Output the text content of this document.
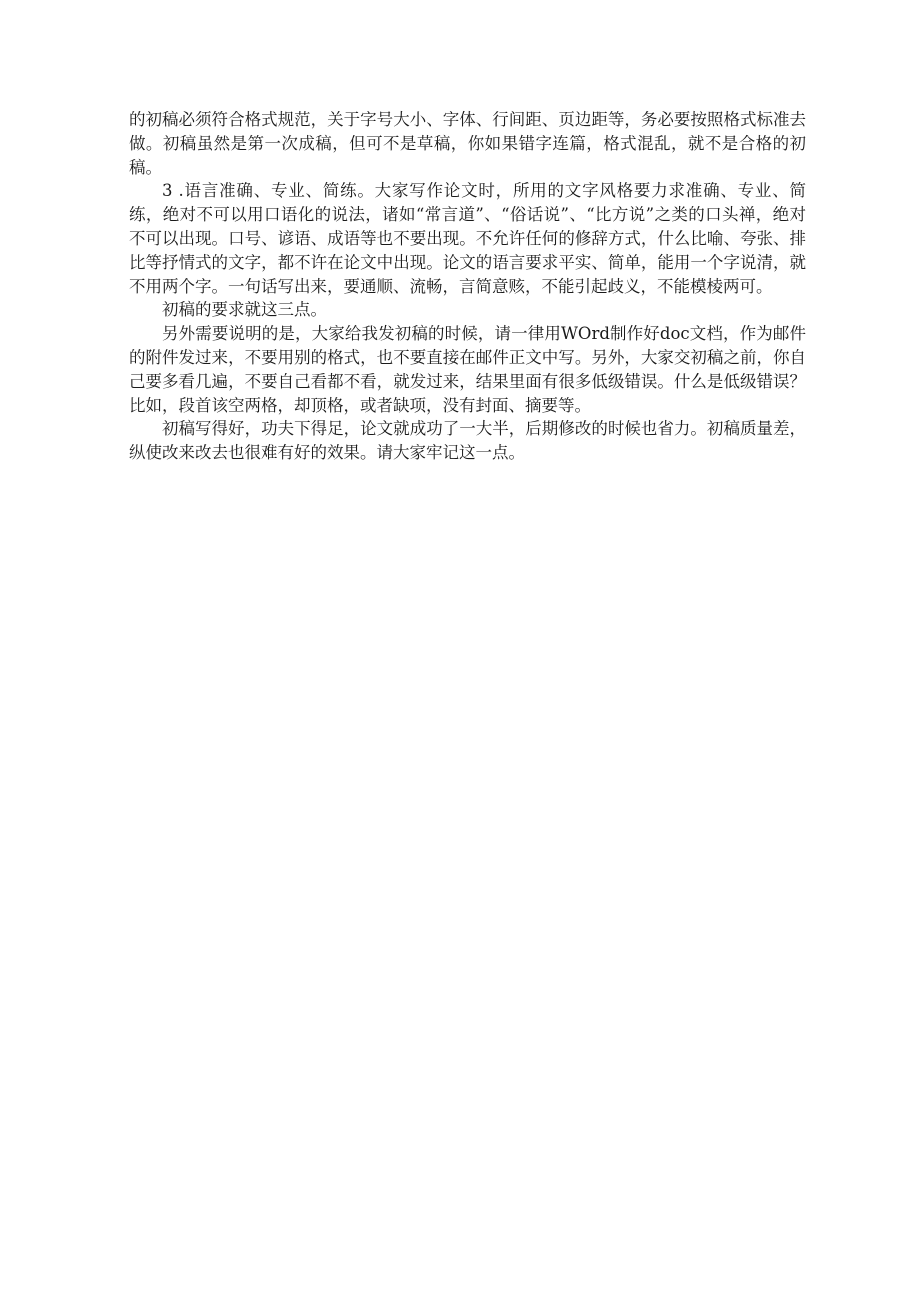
的初稿必须符合格式规范，关于字号大小、字体、行间距、页边距等，务必要按照格式标准去做。初稿虽然是第一次成稿，但可不是草稿，你如果错字连篇，格式混乱，就不是合格的初稿。

3 .语言准确、专业、简练。大家写作论文时，所用的文字风格要力求准确、专业、简练，绝对不可以用口语化的说法，诸如“常言道”、“俗话说”、“比方说”之类的口头禅，绝对不可以出现。口号、谚语、成语等也不要出现。不允许任何的修辞方式，什么比喻、夸张、排比等抒情式的文字，都不许在论文中出现。论文的语言要求平实、简单，能用一个字说清，就不用两个字。一句话写出来，要通顺、流畅，言简意赅，不能引起歧义，不能模棱两可。

初稿的要求就这三点。

另外需要说明的是，大家给我发初稿的时候，请一律用WOrd制作好doc文档，作为邮件的附件发过来，不要用别的格式，也不要直接在邮件正文中写。另外，大家交初稿之前，你自己要多看几遍，不要自己看都不看，就发过来，结果里面有很多低级错误。什么是低级错误？比如，段首该空两格，却顶格，或者缺项，没有封面、摘要等。

初稿写得好，功夫下得足，论文就成功了一大半，后期修改的时候也省力。初稿质量差，纵使改来改去也很难有好的效果。请大家牢记这一点。
